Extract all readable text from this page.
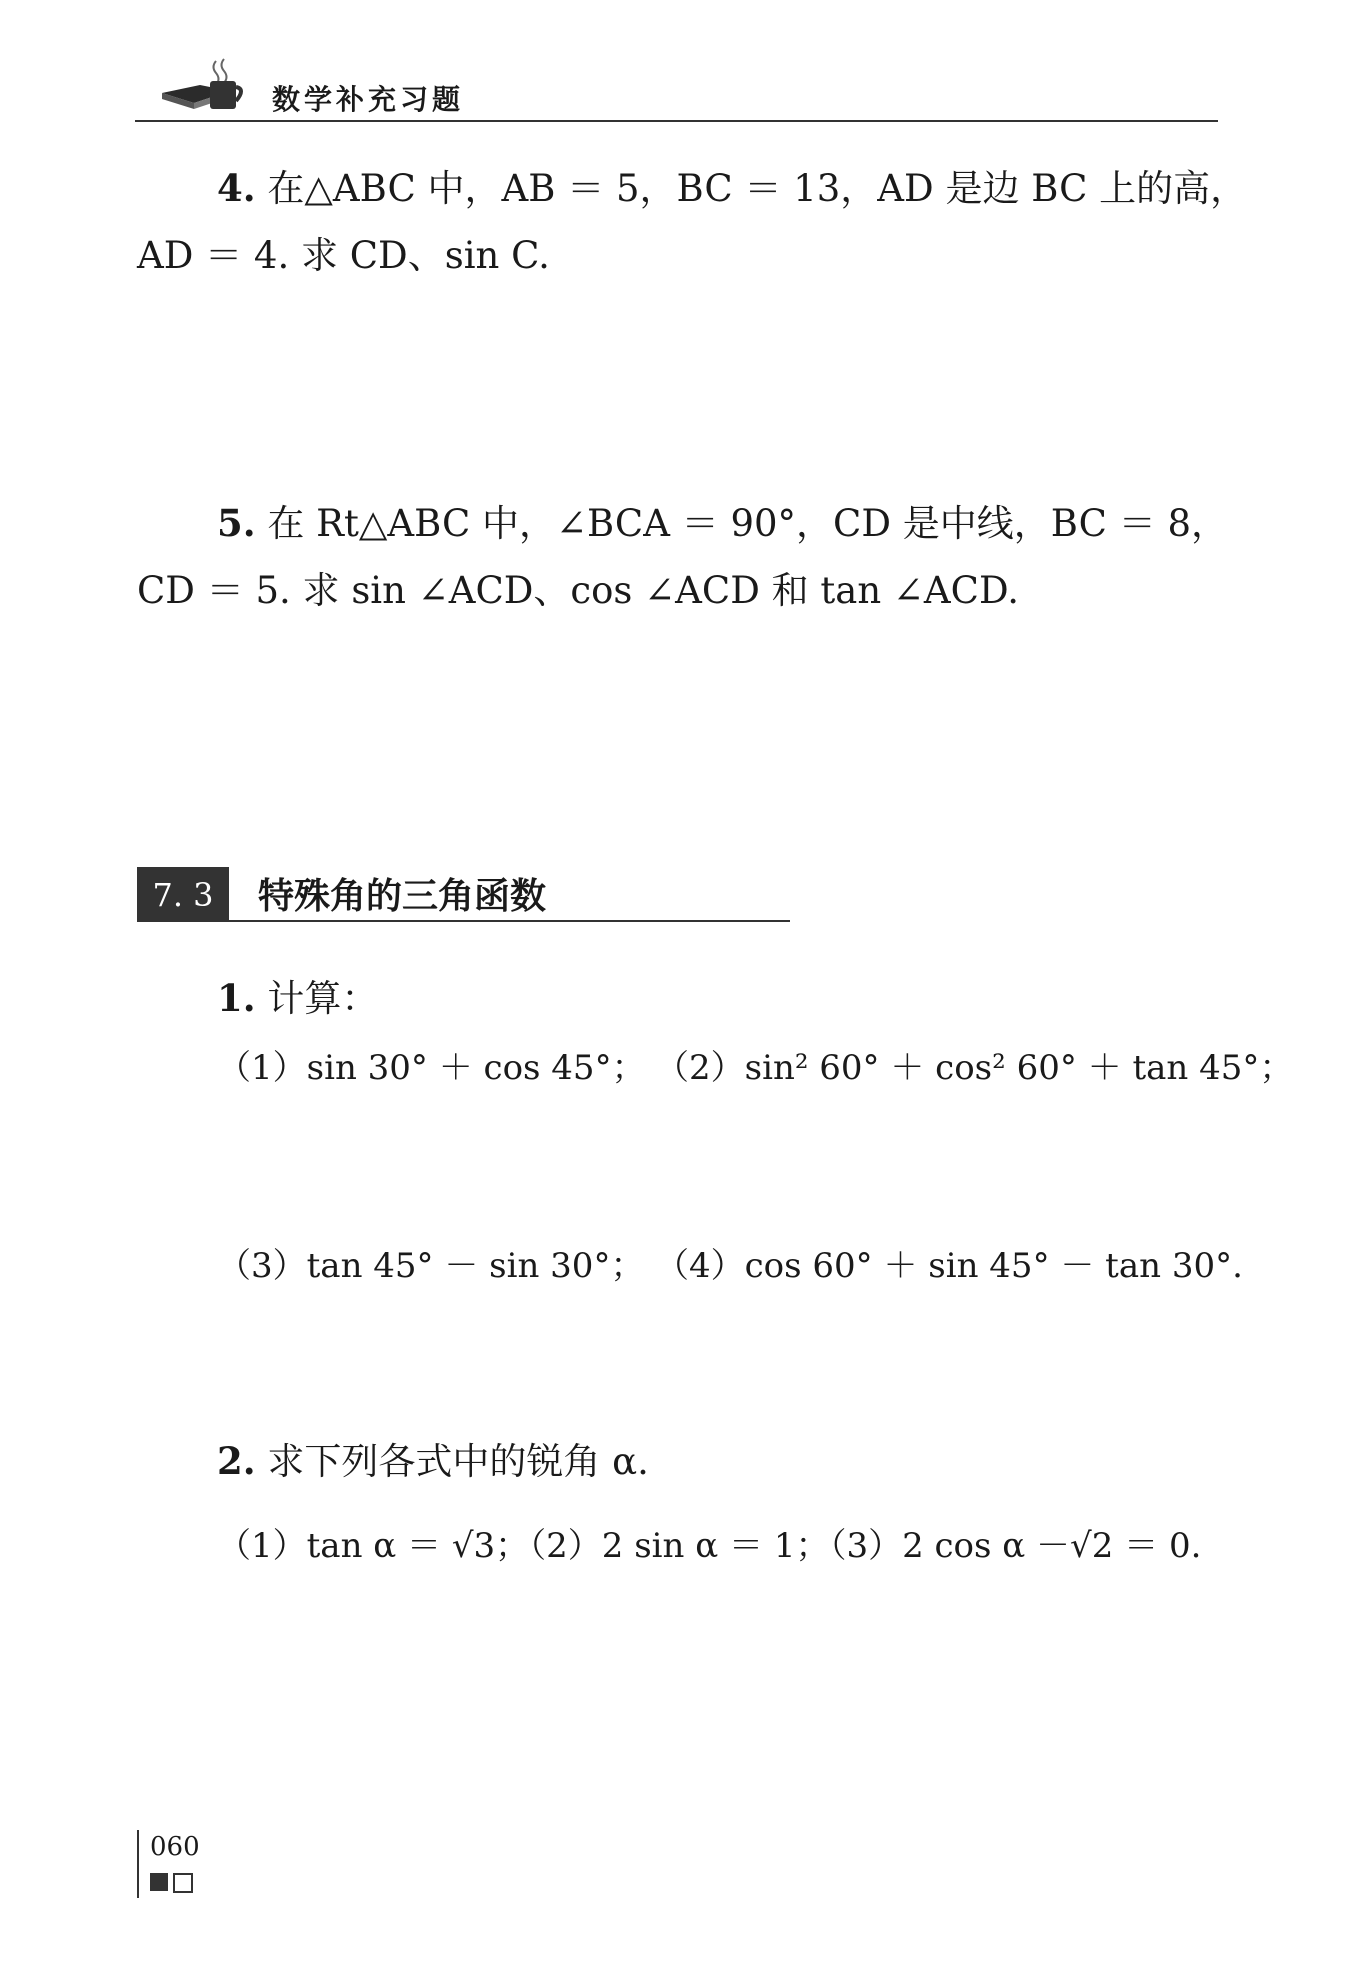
数学补充习题
4. 在△ABC 中，AB ＝ 5，BC ＝ 13，AD 是边 BC 上的高，
AD ＝ 4. 求 CD、sin C.
5. 在 Rt△ABC 中，∠BCA ＝ 90°，CD 是中线，BC ＝ 8，
CD ＝ 5. 求 sin ∠ACD、cos ∠ACD 和 tan ∠ACD.
7. 3	特殊角的三角函数
1. 计算：
（1）sin 30° ＋ cos 45°； （2）sin² 60° ＋ cos² 60° ＋ tan 45°；
（3）tan 45° － sin 30°； （4）cos 60° ＋ sin 45° － tan 30°.
2. 求下列各式中的锐角 α.
（1）tan α ＝ √3；（2）2 sin α ＝ 1；（3）2 cos α －√2 ＝ 0.
060
